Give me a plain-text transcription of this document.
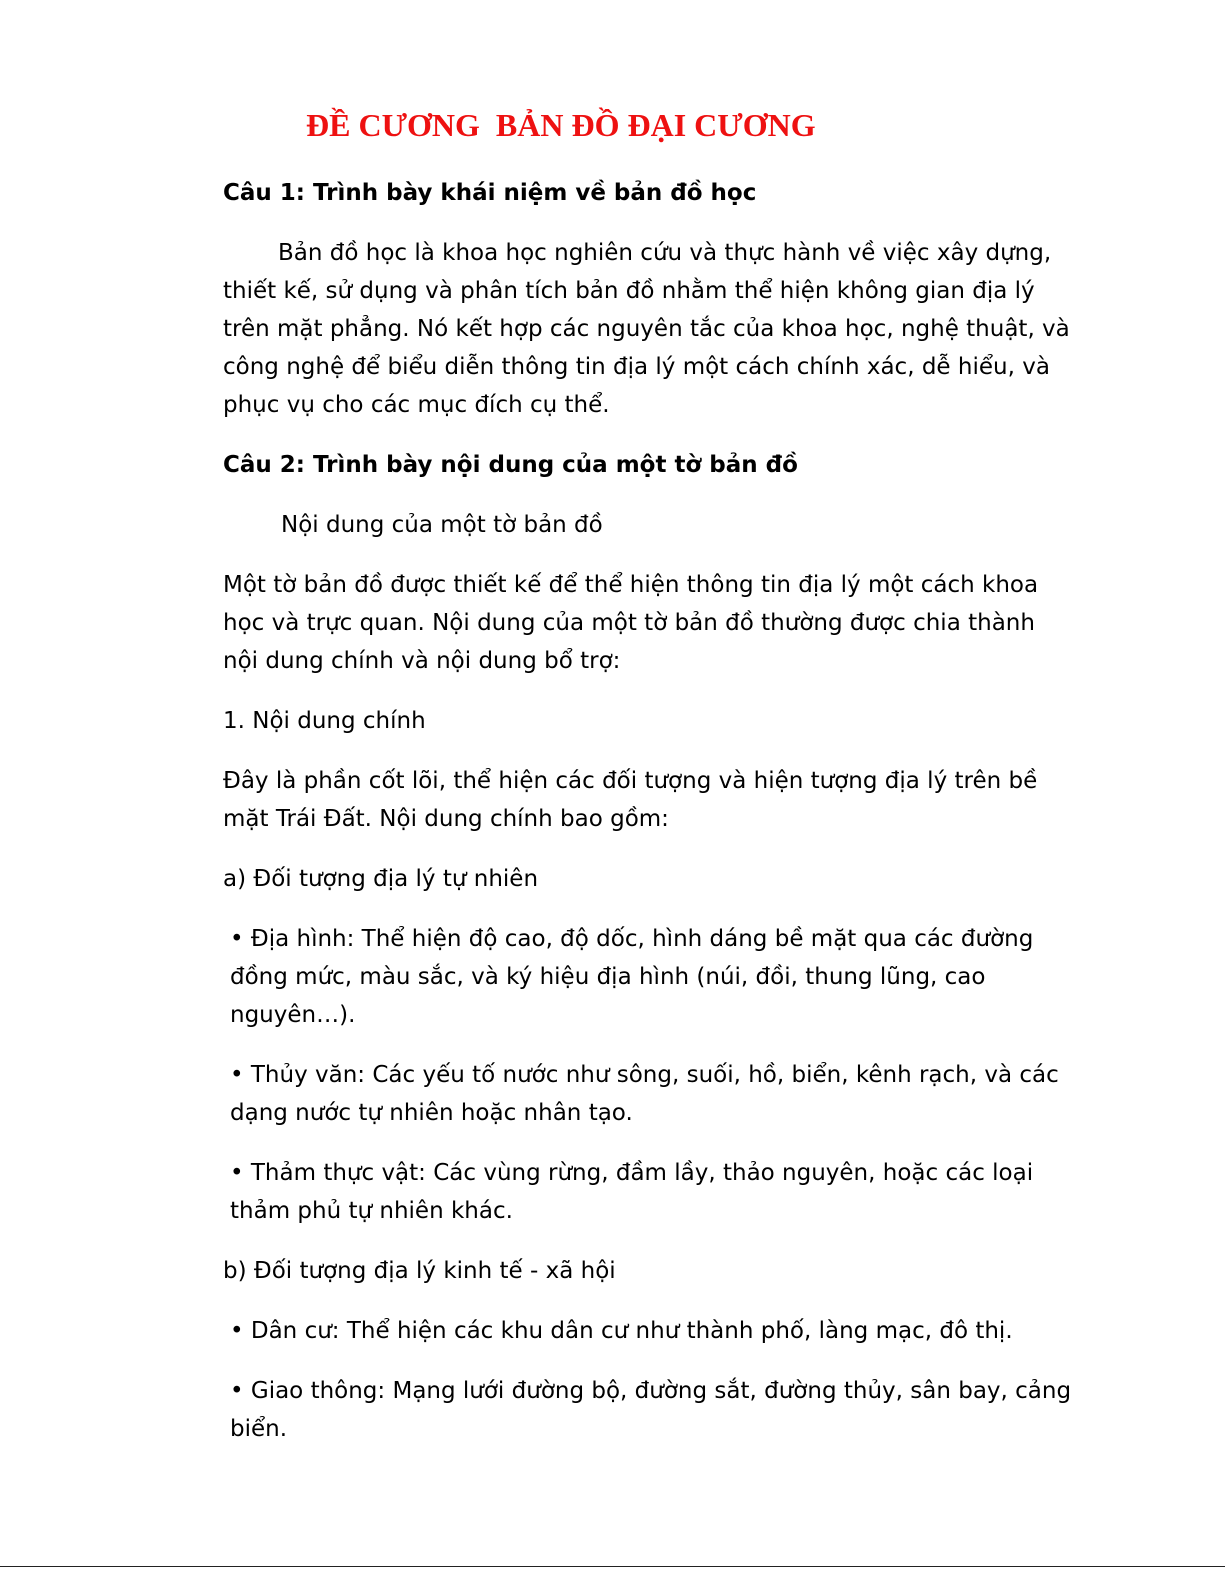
ĐỀ CƯƠNG  BẢN ĐỒ ĐẠI CƯƠNG
Câu 1: Trình bày khái niệm về bản đồ học

Bản đồ học là khoa học nghiên cứu và thực hành về việc xây dựng, thiết kế, sử dụng và phân tích bản đồ nhằm thể hiện không gian địa lý trên mặt phẳng. Nó kết hợp các nguyên tắc của khoa học, nghệ thuật, và công nghệ để biểu diễn thông tin địa lý một cách chính xác, dễ hiểu, và phục vụ cho các mục đích cụ thể.

Câu 2: Trình bày nội dung của một tờ bản đồ

Nội dung của một tờ bản đồ

Một tờ bản đồ được thiết kế để thể hiện thông tin địa lý một cách khoa học và trực quan. Nội dung của một tờ bản đồ thường được chia thành nội dung chính và nội dung bổ trợ:

1. Nội dung chính

Đây là phần cốt lõi, thể hiện các đối tượng và hiện tượng địa lý trên bề mặt Trái Đất. Nội dung chính bao gồm:

a) Đối tượng địa lý tự nhiên

• Địa hình: Thể hiện độ cao, độ dốc, hình dáng bề mặt qua các đường đồng mức, màu sắc, và ký hiệu địa hình (núi, đồi, thung lũng, cao nguyên…).

• Thủy văn: Các yếu tố nước như sông, suối, hồ, biển, kênh rạch, và các dạng nước tự nhiên hoặc nhân tạo.

• Thảm thực vật: Các vùng rừng, đầm lầy, thảo nguyên, hoặc các loại thảm phủ tự nhiên khác.

b) Đối tượng địa lý kinh tế - xã hội

• Dân cư: Thể hiện các khu dân cư như thành phố, làng mạc, đô thị.

• Giao thông: Mạng lưới đường bộ, đường sắt, đường thủy, sân bay, cảng biển.
